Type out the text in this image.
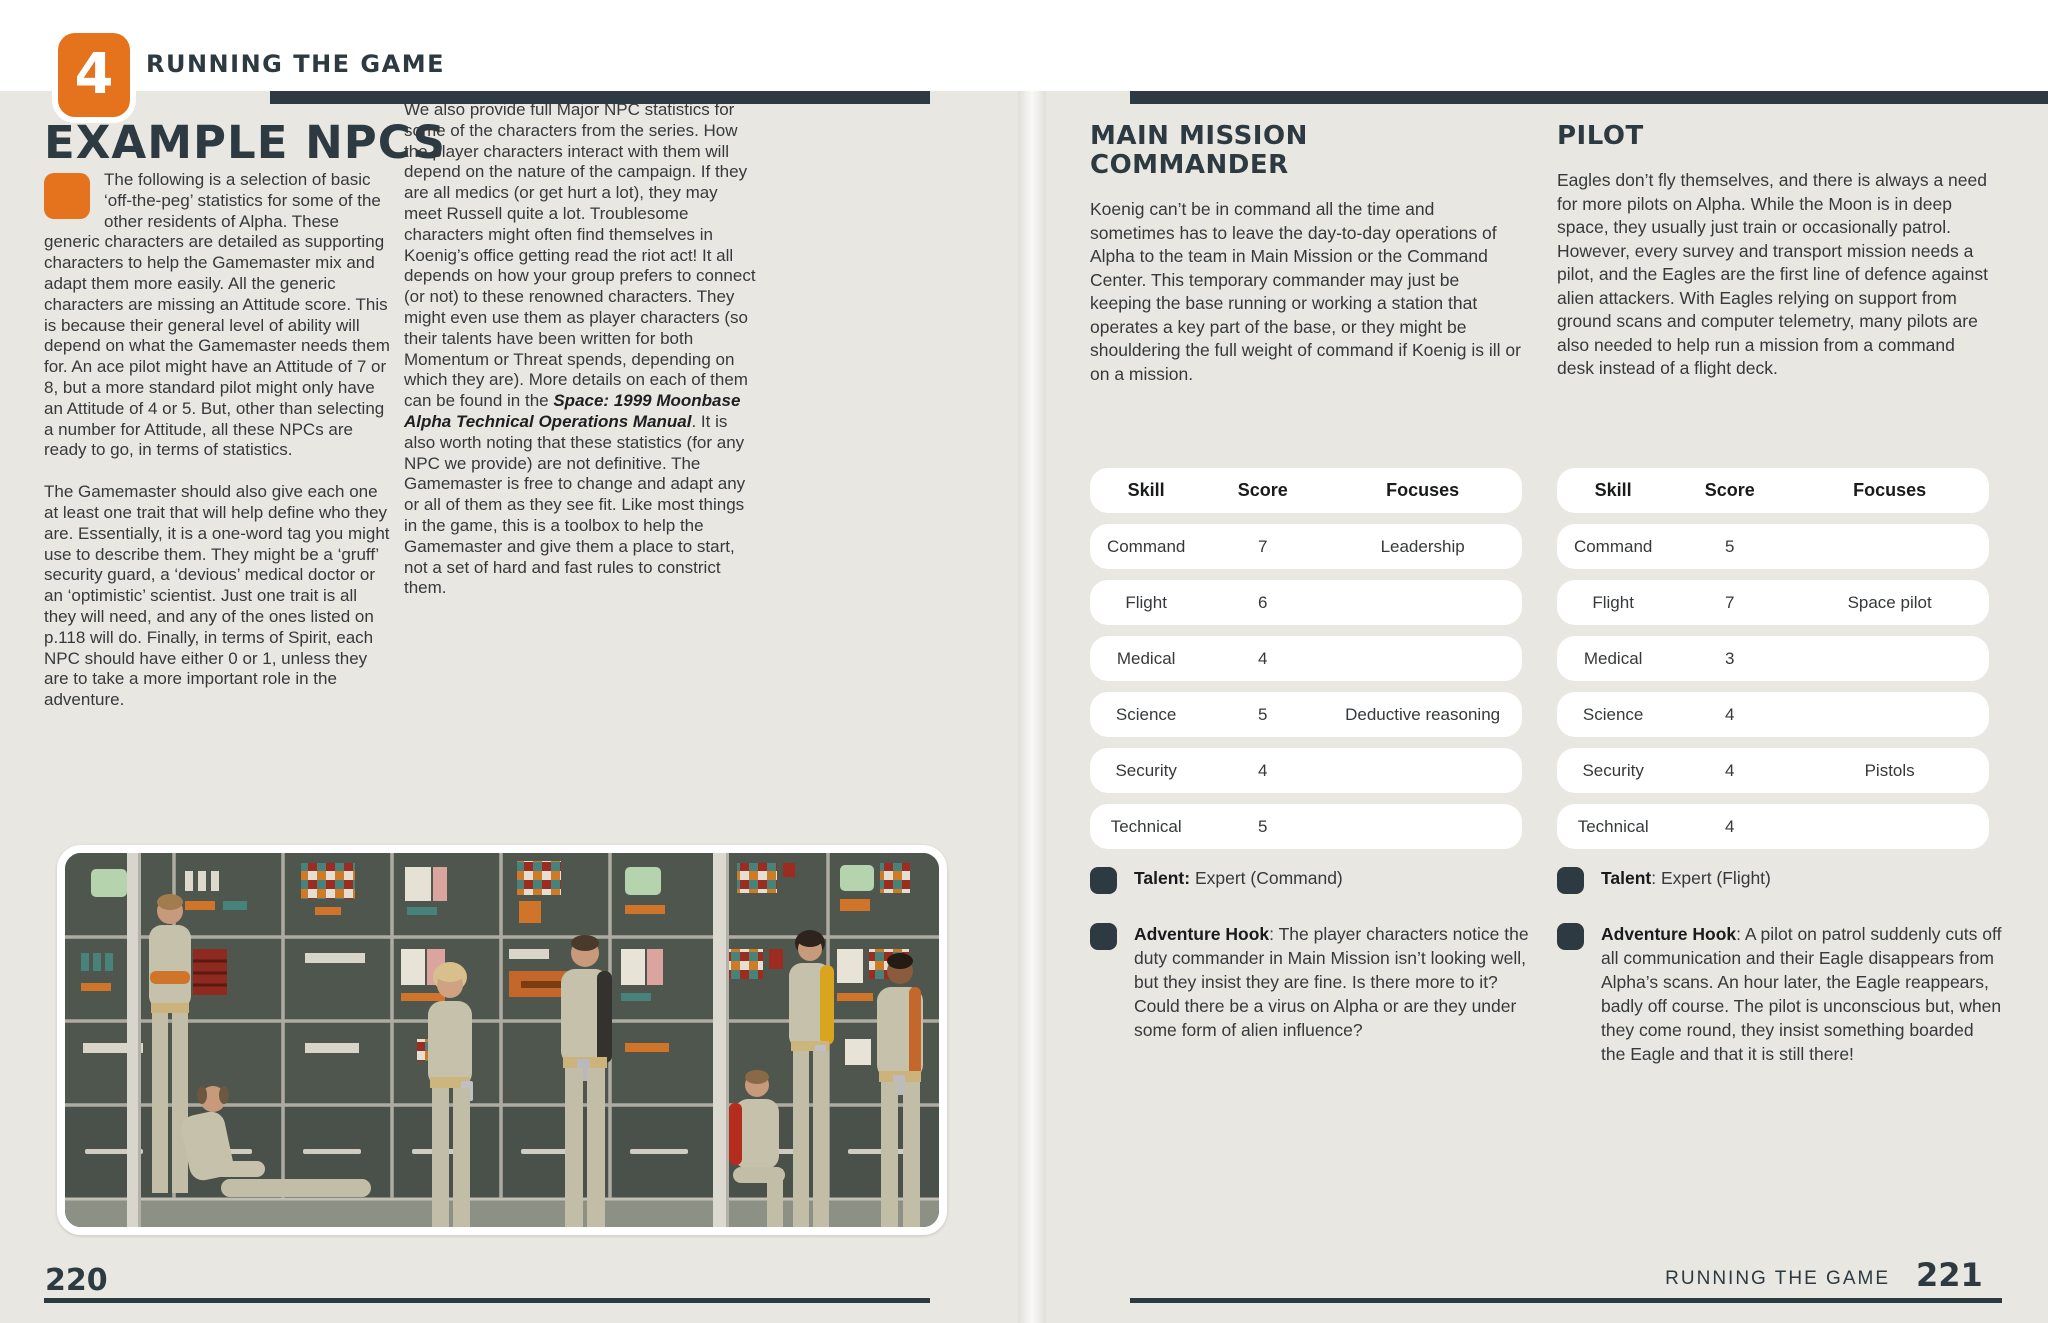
4 RUNNING THE GAME
EXAMPLE NPCS

The following is a selection of basic ‘off-the-peg’ statistics for some of the other residents of Alpha. These generic characters are detailed as supporting characters to help the Gamemaster mix and adapt them more easily. All the generic characters are missing an Attitude score. This is because their general level of ability will depend on what the Gamemaster needs them for. An ace pilot might have an Attitude of 7 or 8, but a more standard pilot might only have an Attitude of 4 or 5. But, other than selecting a number for Attitude, all these NPCs are ready to go, in terms of statistics.

The Gamemaster should also give each one at least one trait that will help define who they are. Essentially, it is a one-word tag you might use to describe them. They might be a ‘gruff’ security guard, a ‘devious’ medical doctor or an ‘optimistic’ scientist. Just one trait is all they will need, and any of the ones listed on p.118 will do. Finally, in terms of Spirit, each NPC should have either 0 or 1, unless they are to take a more important role in the adventure.

We also provide full Major NPC statistics for some of the characters from the series. How the player characters interact with them will depend on the nature of the campaign. If they are all medics (or get hurt a lot), they may meet Russell quite a lot. Troublesome characters might often find themselves in Koenig’s office getting read the riot act! It all depends on how your group prefers to connect (or not) to these renowned characters. They might even use them as player characters (so their talents have been written for both Momentum or Threat spends, depending on which they are). More details on each of them can be found in the Space: 1999 Moonbase Alpha Technical Operations Manual. It is also worth noting that these statistics (for any NPC we provide) are not definitive. The Gamemaster is free to change and adapt any or all of them as they see fit. Like most things in the game, this is a toolbox to help the Gamemaster and give them a place to start, not a set of hard and fast rules to constrict them.

MAIN MISSION COMMANDER

Koenig can’t be in command all the time and sometimes has to leave the day-to-day operations of Alpha to the team in Main Mission or the Command Center. This temporary commander may just be keeping the base running or working a station that operates a key part of the base, or they might be shouldering the full weight of command if Koenig is ill or on a mission.

Skill	Score	Focuses
Command	7	Leadership
Flight	6
Medical	4
Science	5	Deductive reasoning
Security	4
Technical	5

Talent: Expert (Command)

Adventure Hook: The player characters notice the duty commander in Main Mission isn’t looking well, but they insist they are fine. Is there more to it? Could there be a virus on Alpha or are they under some form of alien influence?

PILOT

Eagles don’t fly themselves, and there is always a need for more pilots on Alpha. While the Moon is in deep space, they usually just train or occasionally patrol. However, every survey and transport mission needs a pilot, and the Eagles are the first line of defence against alien attackers. With Eagles relying on support from ground scans and computer telemetry, many pilots are also needed to help run a mission from a command desk instead of a flight deck.

Skill	Score	Focuses
Command	5
Flight	7	Space pilot
Medical	3
Science	4
Security	4	Pistols
Technical	4

Talent: Expert (Flight)

Adventure Hook: A pilot on patrol suddenly cuts off all communication and their Eagle disappears from Alpha’s scans. An hour later, the Eagle reappears, badly off course. The pilot is unconscious but, when they come round, they insist something boarded the Eagle and that it is still there!

220	RUNNING THE GAME 221
